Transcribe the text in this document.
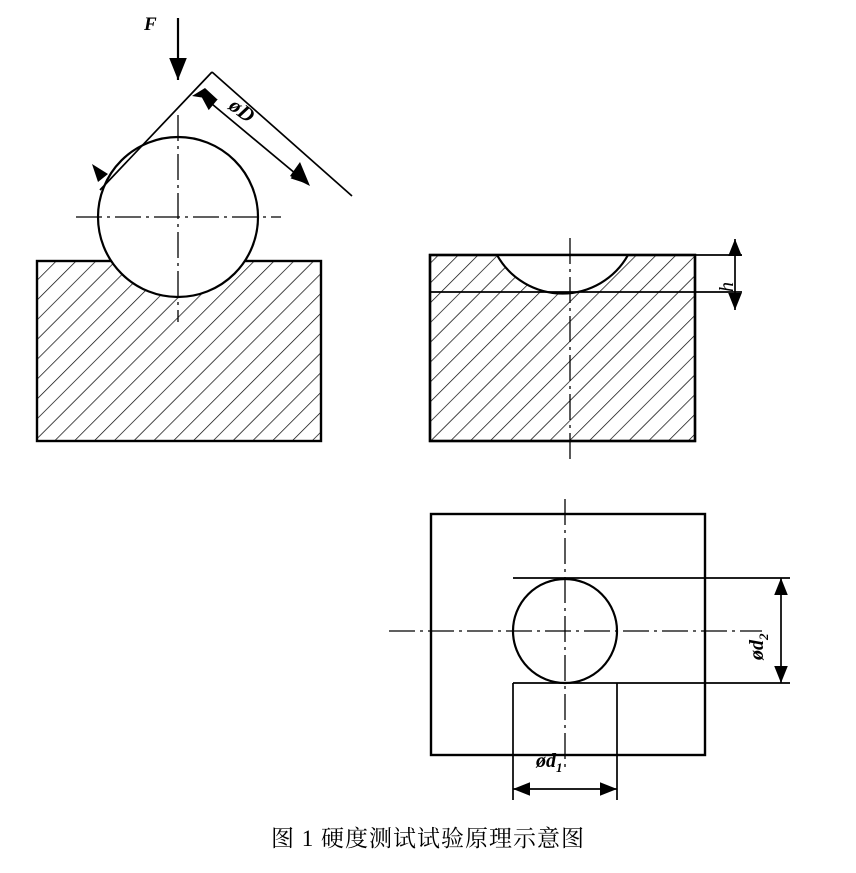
F
øD
h
$ød_2$
$ød_1$
图 1 硬度测试试验原理示意图
